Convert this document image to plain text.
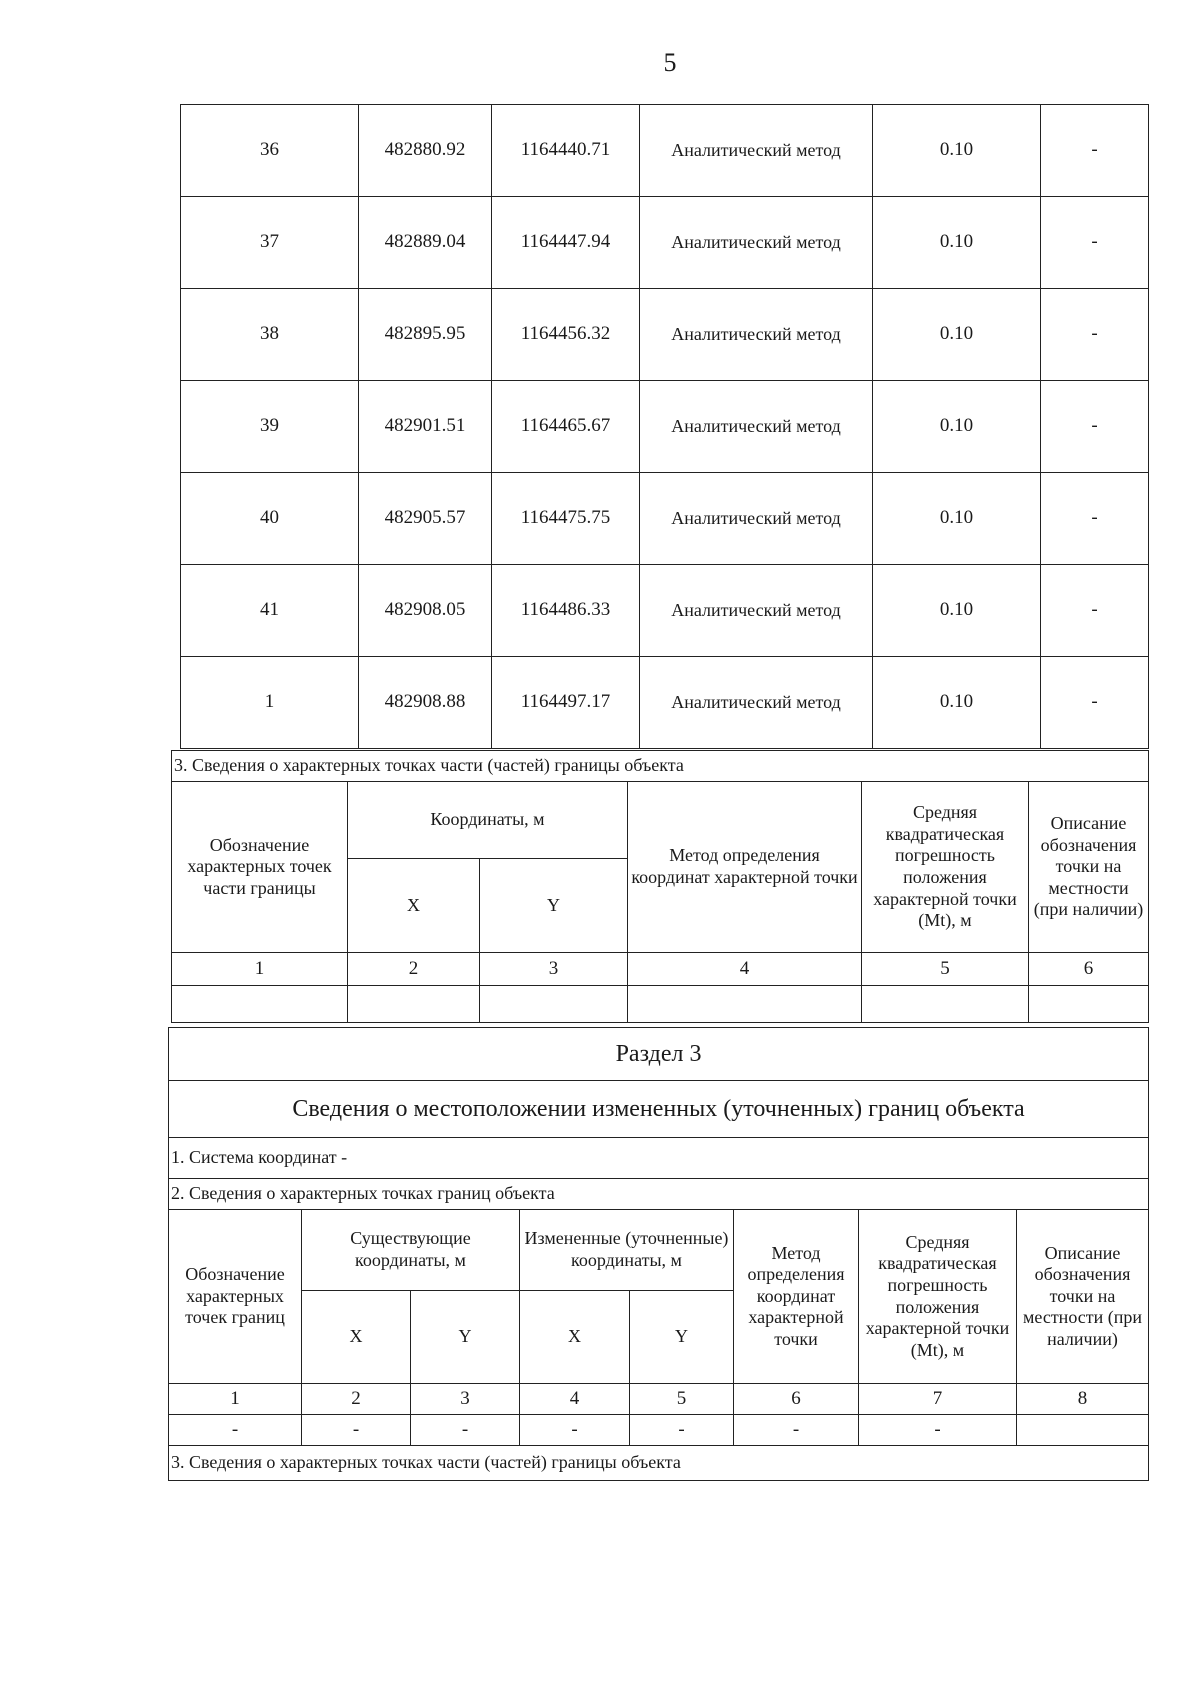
5
36	482880.92	1164440.71	Аналитический метод	0.10	-
37	482889.04	1164447.94	Аналитический метод	0.10	-
38	482895.95	1164456.32	Аналитический метод	0.10	-
39	482901.51	1164465.67	Аналитический метод	0.10	-
40	482905.57	1164475.75	Аналитический метод	0.10	-
41	482908.05	1164486.33	Аналитический метод	0.10	-
1	482908.88	1164497.17	Аналитический метод	0.10	-
3. Сведения о характерных точках части (частей) границы объекта					
Обозначение характерных точек части границы	Координаты, м		Метод определения координат характерной точки	Средняя квадратическая погрешность положения характерной точки (Mt), м	Описание обозначения точки на местности (при наличии)
	X	Y			
1	2	3	4	5	6

Раздел 3							
Сведения о местоположении измененных (уточненных) границ объекта							
1. Система координат -							
2. Сведения о характерных точках границ объекта							
Обозначение характерных точек границ	Существующие координаты, м		Измененные (уточненные) координаты, м		Метод определения координат характерной точки	Средняя квадратическая погрешность положения характерной точки (Mt), м	Описание обозначения точки на местности (при наличии)
	X	Y	X	Y			
1	2	3	4	5	6	7	8
-	-	-	-	-	-	-	
3. Сведения о характерных точках части (частей) границы объекта							
